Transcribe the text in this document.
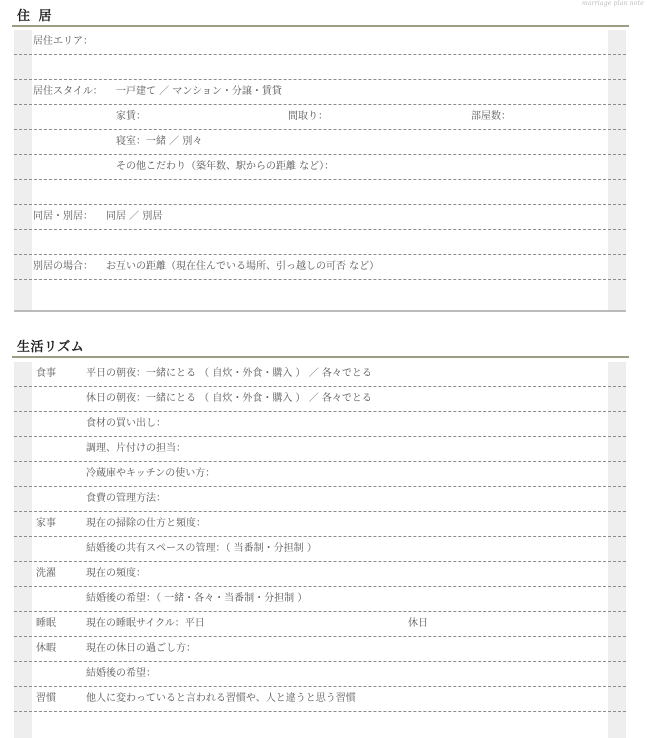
marriage plan note
住 居
居住エリア：
居住スタイル： 一戸建て ／ マンション・分譲・賃貸
家賃：	間取り：	部屋数：
寝室：一緒 ／ 別々
その他こだわり（築年数、駅からの距離 など）：
同居・別居： 同居 ／ 別居
別居の場合： お互いの距離（現在住んでいる場所、引っ越しの可否 など）
生活リズム
食事	平日の朝夜：一緒にとる （ 自炊・外食・購入 ） ／ 各々でとる
休日の朝夜：一緒にとる （ 自炊・外食・購入 ） ／ 各々でとる
食材の買い出し：
調理、片付けの担当：
冷蔵庫やキッチンの使い方：
食費の管理方法：
家事	現在の掃除の仕方と頻度：
結婚後の共有スペースの管理：（ 当番制・分担制 ）
洗濯	現在の頻度：
結婚後の希望：（ 一緒・各々・当番制・分担制 ）
睡眠	現在の睡眠サイクル：平日	休日
休暇	現在の休日の過ごし方：
結婚後の希望：
習慣	他人に変わっていると言われる習慣や、人と違うと思う習慣
